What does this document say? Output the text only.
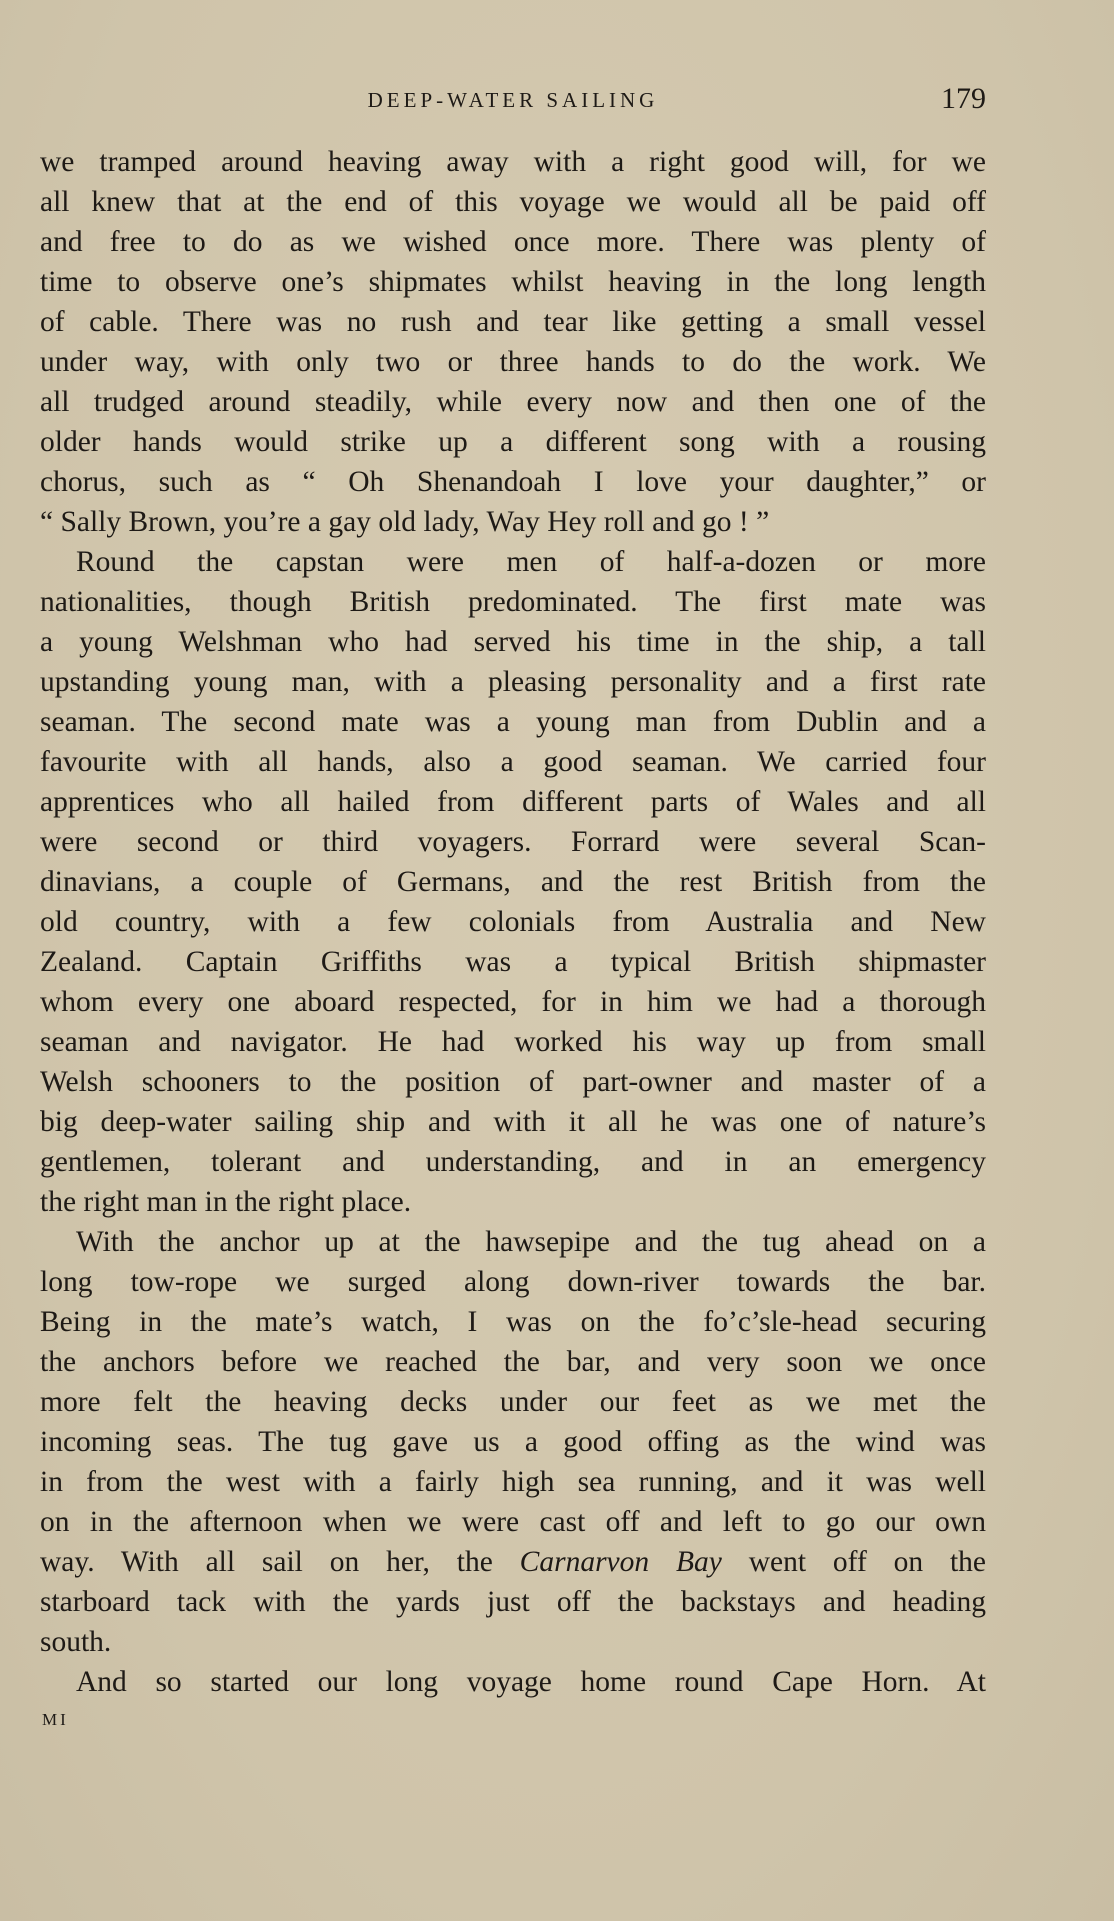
DEEP-WATER SAILING	179
we tramped around heaving away with a right good will, for we
all knew that at the end of this voyage we would all be paid off
and free to do as we wished once more. There was plenty of
time to observe one’s shipmates whilst heaving in the long length
of cable. There was no rush and tear like getting a small vessel
under way, with only two or three hands to do the work. We
all trudged around steadily, while every now and then one of the
older hands would strike up a different song with a rousing
chorus, such as “ Oh Shenandoah I love your daughter,” or
“ Sally Brown, you’re a gay old lady, Way Hey roll and go ! ”
Round the capstan were men of half-a-dozen or more
nationalities, though British predominated. The first mate was
a young Welshman who had served his time in the ship, a tall
upstanding young man, with a pleasing personality and a first rate
seaman. The second mate was a young man from Dublin and a
favourite with all hands, also a good seaman. We carried four
apprentices who all hailed from different parts of Wales and all
were second or third voyagers. Forrard were several Scan-
dinavians, a couple of Germans, and the rest British from the
old country, with a few colonials from Australia and New
Zealand. Captain Griffiths was a typical British shipmaster
whom every one aboard respected, for in him we had a thorough
seaman and navigator. He had worked his way up from small
Welsh schooners to the position of part-owner and master of a
big deep-water sailing ship and with it all he was one of nature’s
gentlemen, tolerant and understanding, and in an emergency
the right man in the right place.
With the anchor up at the hawsepipe and the tug ahead on a
long tow-rope we surged along down-river towards the bar.
Being in the mate’s watch, I was on the fo’c’sle-head securing
the anchors before we reached the bar, and very soon we once
more felt the heaving decks under our feet as we met the
incoming seas. The tug gave us a good offing as the wind was
in from the west with a fairly high sea running, and it was well
on in the afternoon when we were cast off and left to go our own
way. With all sail on her, the Carnarvon Bay went off on the
starboard tack with the yards just off the backstays and heading
south.
And so started our long voyage home round Cape Horn. At
MI
